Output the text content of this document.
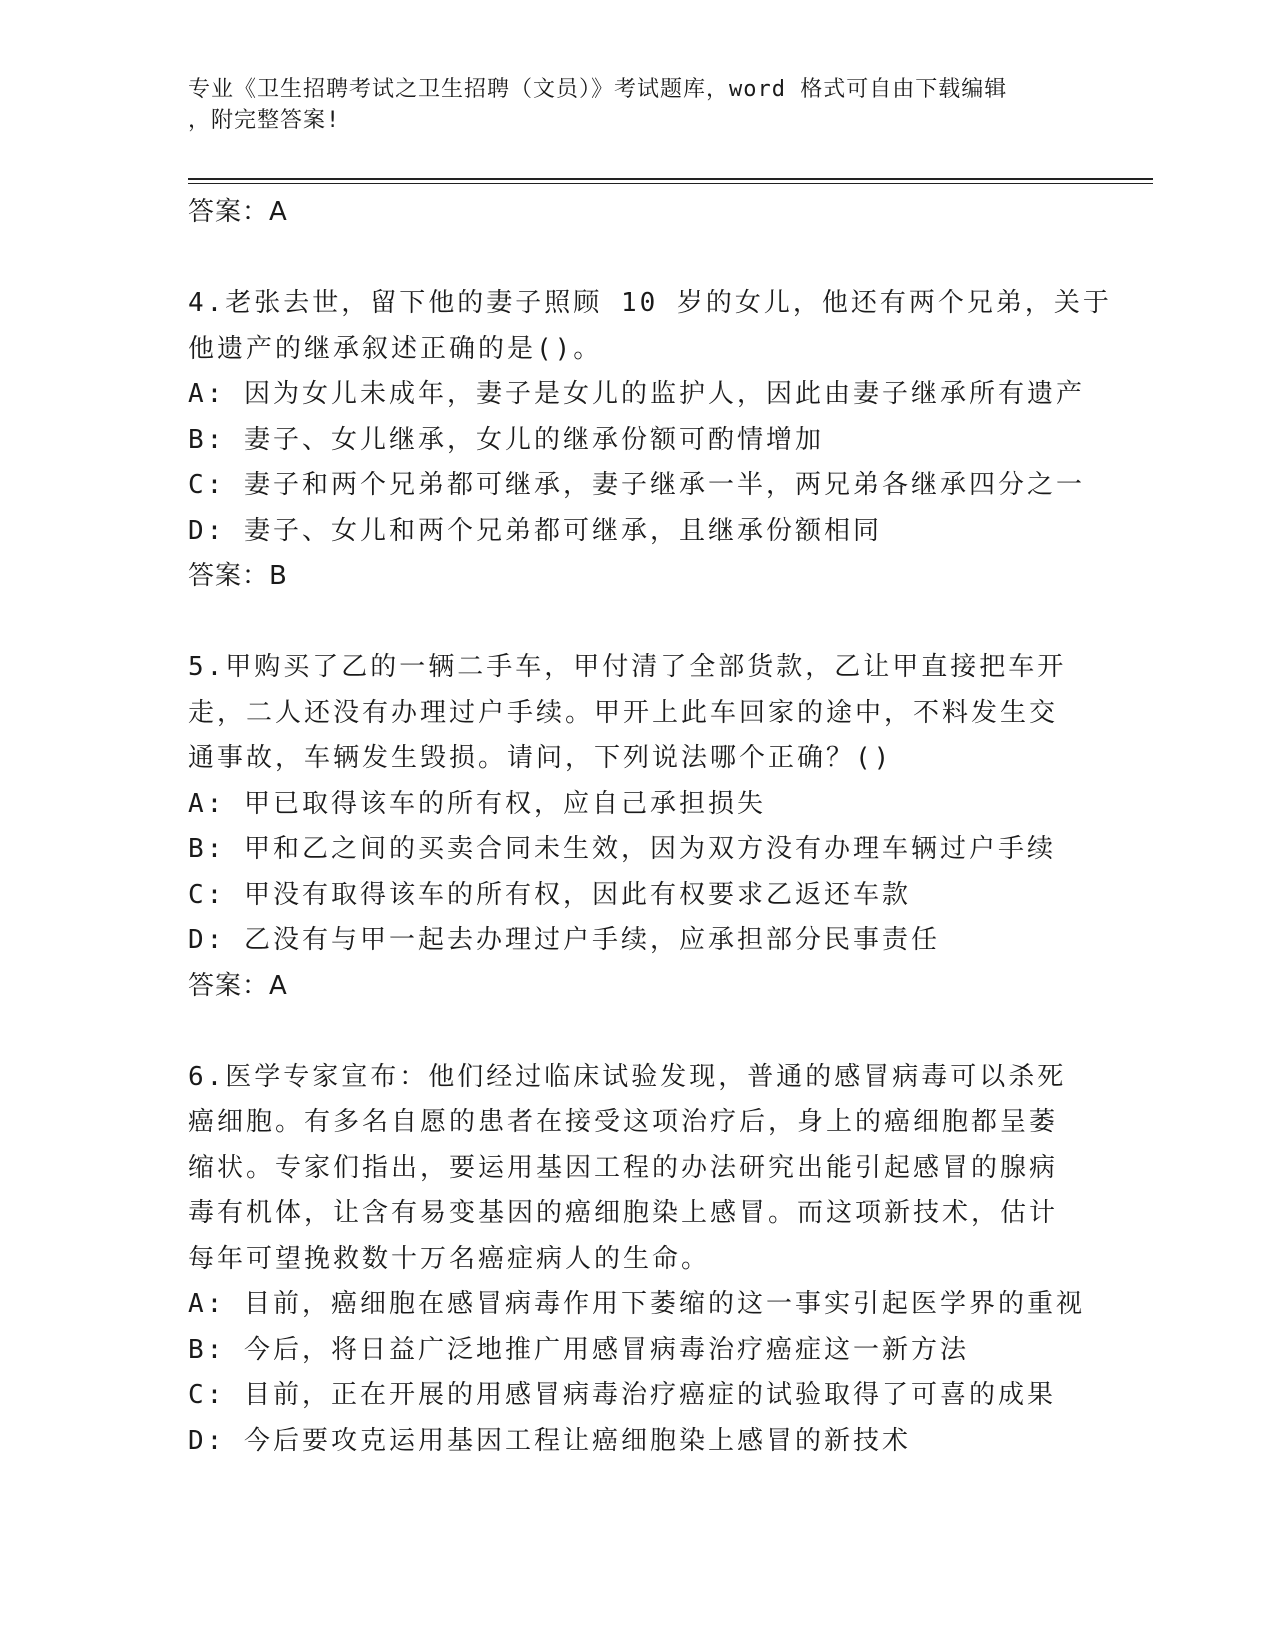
专业《卫生招聘考试之卫生招聘（文员）》考试题库，word 格式可自由下载编辑
，附完整答案!
答案：A
4.老张去世，留下他的妻子照顾 10 岁的女儿，他还有两个兄弟，关于
他遗产的继承叙述正确的是()。
A: 因为女儿未成年，妻子是女儿的监护人，因此由妻子继承所有遗产
B: 妻子、女儿继承，女儿的继承份额可酌情增加
C: 妻子和两个兄弟都可继承，妻子继承一半，两兄弟各继承四分之一
D: 妻子、女儿和两个兄弟都可继承，且继承份额相同
答案：B
5.甲购买了乙的一辆二手车，甲付清了全部货款，乙让甲直接把车开
走，二人还没有办理过户手续。甲开上此车回家的途中，不料发生交
通事故，车辆发生毁损。请问，下列说法哪个正确？()
A: 甲已取得该车的所有权，应自己承担损失
B: 甲和乙之间的买卖合同未生效，因为双方没有办理车辆过户手续
C: 甲没有取得该车的所有权，因此有权要求乙返还车款
D: 乙没有与甲一起去办理过户手续，应承担部分民事责任
答案：A
6.医学专家宣布：他们经过临床试验发现，普通的感冒病毒可以杀死
癌细胞。有多名自愿的患者在接受这项治疗后，身上的癌细胞都呈萎
缩状。专家们指出，要运用基因工程的办法研究出能引起感冒的腺病
毒有机体，让含有易变基因的癌细胞染上感冒。而这项新技术，估计
每年可望挽救数十万名癌症病人的生命。
A: 目前，癌细胞在感冒病毒作用下萎缩的这一事实引起医学界的重视
B: 今后，将日益广泛地推广用感冒病毒治疗癌症这一新方法
C: 目前，正在开展的用感冒病毒治疗癌症的试验取得了可喜的成果
D: 今后要攻克运用基因工程让癌细胞染上感冒的新技术
